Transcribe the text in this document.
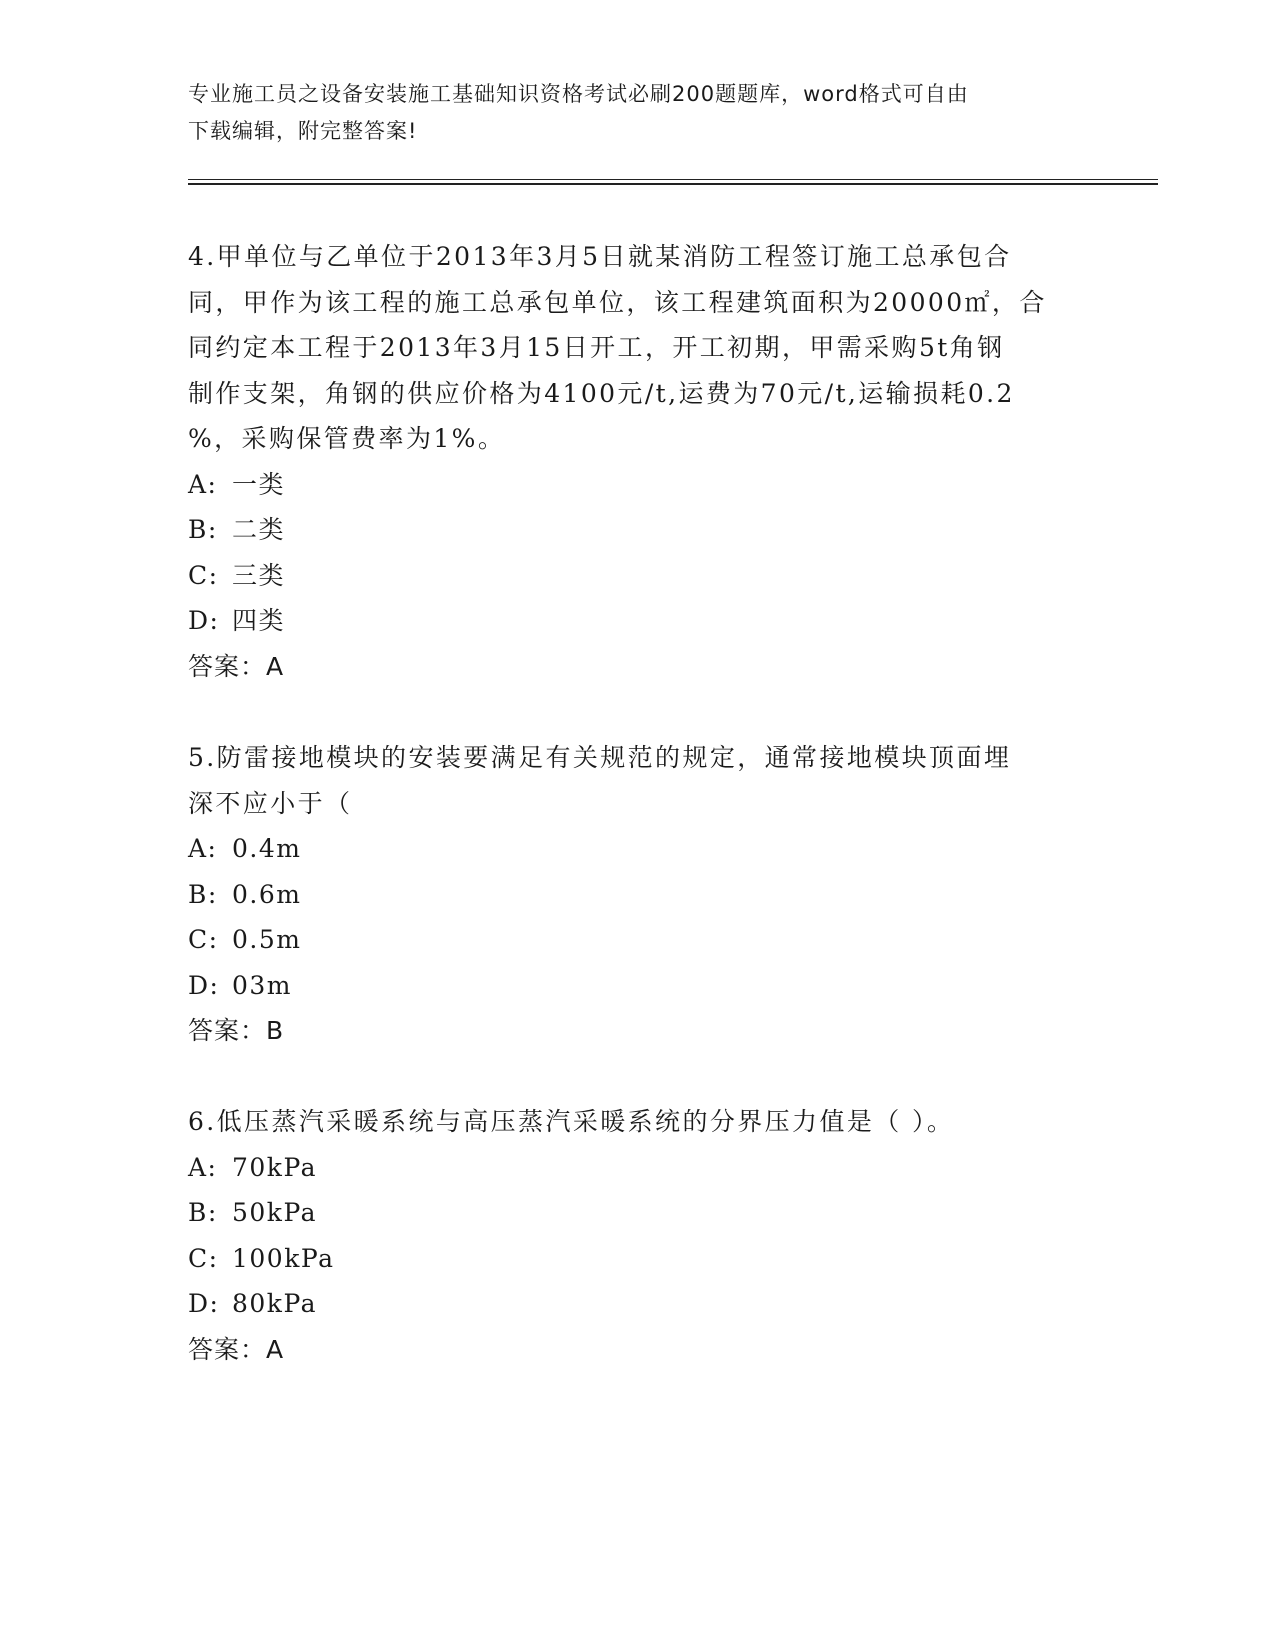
专业施工员之设备安装施工基础知识资格考试必刷200题题库，word格式可自由
下载编辑，附完整答案!
4.甲单位与乙单位于2013年3月5日就某消防工程签订施工总承包合
同，甲作为该工程的施工总承包单位，该工程建筑面积为20000㎡，合
同约定本工程于2013年3月15日开工，开工初期，甲需采购5t角钢
制作支架，角钢的供应价格为4100元/t,运费为70元/t,运输损耗0.2
%，采购保管费率为1%。
A: 一类
B: 二类
C: 三类
D: 四类
答案：A
5.防雷接地模块的安装要满足有关规范的规定，通常接地模块顶面埋
深不应小于（
A: 0.4m
B: 0.6m
C: 0.5m
D: 03m
答案：B
6.低压蒸汽采暖系统与高压蒸汽采暖系统的分界压力值是（ ）。
A: 70kPa
B: 50kPa
C: 100kPa
D: 80kPa
答案：A
